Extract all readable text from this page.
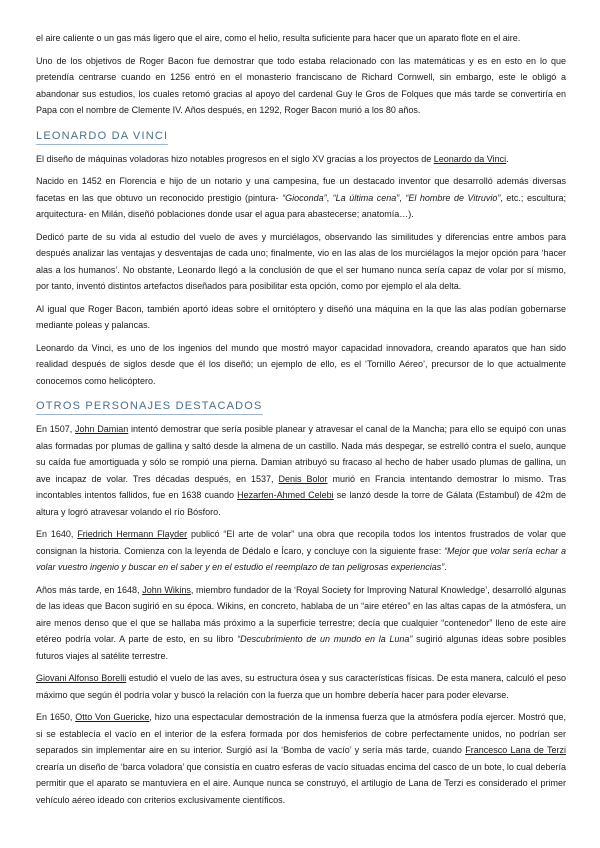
el aire caliente o un gas más ligero que el aire, como el helio, resulta suficiente para hacer que un aparato flote en el aire.

Uno de los objetivos de Roger Bacon fue demostrar que todo estaba relacionado con las matemáticas y es en esto en lo que pretendía centrarse cuando en 1256 entró en el monasterio franciscano de Richard Cornwell, sin embargo, este le obligó a abandonar sus estudios, los cuales retomó gracias al apoyo del cardenal Guy le Gros de Folques que más tarde se convertiría en Papa con el nombre de Clemente IV. Años después, en 1292, Roger Bacon murió a los 80 años.

LEONARDO DA VINCI

El diseño de máquinas voladoras hizo notables progresos en el siglo XV gracias a los proyectos de Leonardo da Vinci.

Nacido en 1452 en Florencia e hijo de un notario y una campesina, fue un destacado inventor que desarrolló además diversas facetas en las que obtuvo un reconocido prestigio (pintura- “Gioconda”, “La última cena”, “El hombre de Vitruvio”, etc.; escultura; arquitectura- en Milán, diseñó poblaciones donde usar el agua para abastecerse; anatomía…).

Dedicó parte de su vida al estudio del vuelo de aves y murciélagos, observando las similitudes y diferencias entre ambos para después analizar las ventajas y desventajas de cada uno; finalmente, vio en las alas de los murciélagos la mejor opción para ‘hacer alas a los humanos’. No obstante, Leonardo llegó a la conclusión de que el ser humano nunca sería capaz de volar por sí mismo, por tanto, inventó distintos artefactos diseñados para posibilitar esta opción, como por ejemplo el ala delta.

Al igual que Roger Bacon, también aportó ideas sobre el ornitóptero y diseñó una máquina en la que las alas podían gobernarse mediante poleas y palancas.

Leonardo da Vinci, es uno de los ingenios del mundo que mostró mayor capacidad innovadora, creando aparatos que han sido realidad después de siglos desde que él los diseñó; un ejemplo de ello, es el ‘Tornillo Aéreo’, precursor de lo que actualmente conocemos como helicóptero.

OTROS PERSONAJES DESTACADOS

En 1507, John Damian intentó demostrar que sería posible planear y atravesar el canal de la Mancha; para ello se equipó con unas alas formadas por plumas de gallina y saltó desde la almena de un castillo. Nada más despegar, se estrelló contra el suelo, aunque su caída fue amortiguada y sólo se rompió una pierna. Damian atribuyó su fracaso al hecho de haber usado plumas de gallina, un ave incapaz de volar. Tres décadas después, en 1537, Denis Bolor murió en Francia intentando demostrar lo mismo. Tras incontables intentos fallidos, fue en 1638 cuando Hezarfen-Ahmed Celebi se lanzó desde la torre de Gálata (Estambul) de 42m de altura y logró atravesar volando el río Bósforo.

En 1640, Friedrich Hermann Flayder publicó “El arte de volar” una obra que recopila todos los intentos frustrados de volar que consignan la historia. Comienza con la leyenda de Dédalo e Ícaro, y concluye con la siguiente frase: “Mejor que volar sería echar a volar vuestro ingenio y buscar en el saber y en el estudio el reemplazo de tan peligrosas experiencias”.

Años más tarde, en 1648, John Wikins, miembro fundador de la ‘Royal Society for Improving Natural Knowledge’, desarrolló algunas de las ideas que Bacon sugirió en su época. Wikins, en concreto, hablaba de un “aire etéreo” en las altas capas de la atmósfera, un aire menos denso que el que se hallaba más próximo a la superficie terrestre; decía que cualquier “contenedor” lleno de este aire etéreo podría volar. A parte de esto, en su libro “Descubrimiento de un mundo en la Luna” sugirió algunas ideas sobre posibles futuros viajes al satélite terrestre.

Giovani Alfonso Borelli estudió el vuelo de las aves, su estructura ósea y sus características físicas. De esta manera, calculó el peso máximo que según él podría volar y buscó la relación con la fuerza que un hombre debería hacer para poder elevarse.

En 1650, Otto Von Guericke, hizo una espectacular demostración de la inmensa fuerza que la atmósfera podía ejercer. Mostró que, si se establecía el vacío en el interior de la esfera formada por dos hemisferios de cobre perfectamente unidos, no podrían ser separados sin implementar aire en su interior. Surgió así la ‘Bomba de vacío’ y sería más tarde, cuando Francesco Lana de Terzi crearía un diseño de ‘barca voladora’ que consistía en cuatro esferas de vacío situadas encima del casco de un bote, lo cual debería permitir que el aparato se mantuviera en el aire. Aunque nunca se construyó, el artilugio de Lana de Terzi es considerado el primer vehículo aéreo ideado con criterios exclusivamente científicos.
